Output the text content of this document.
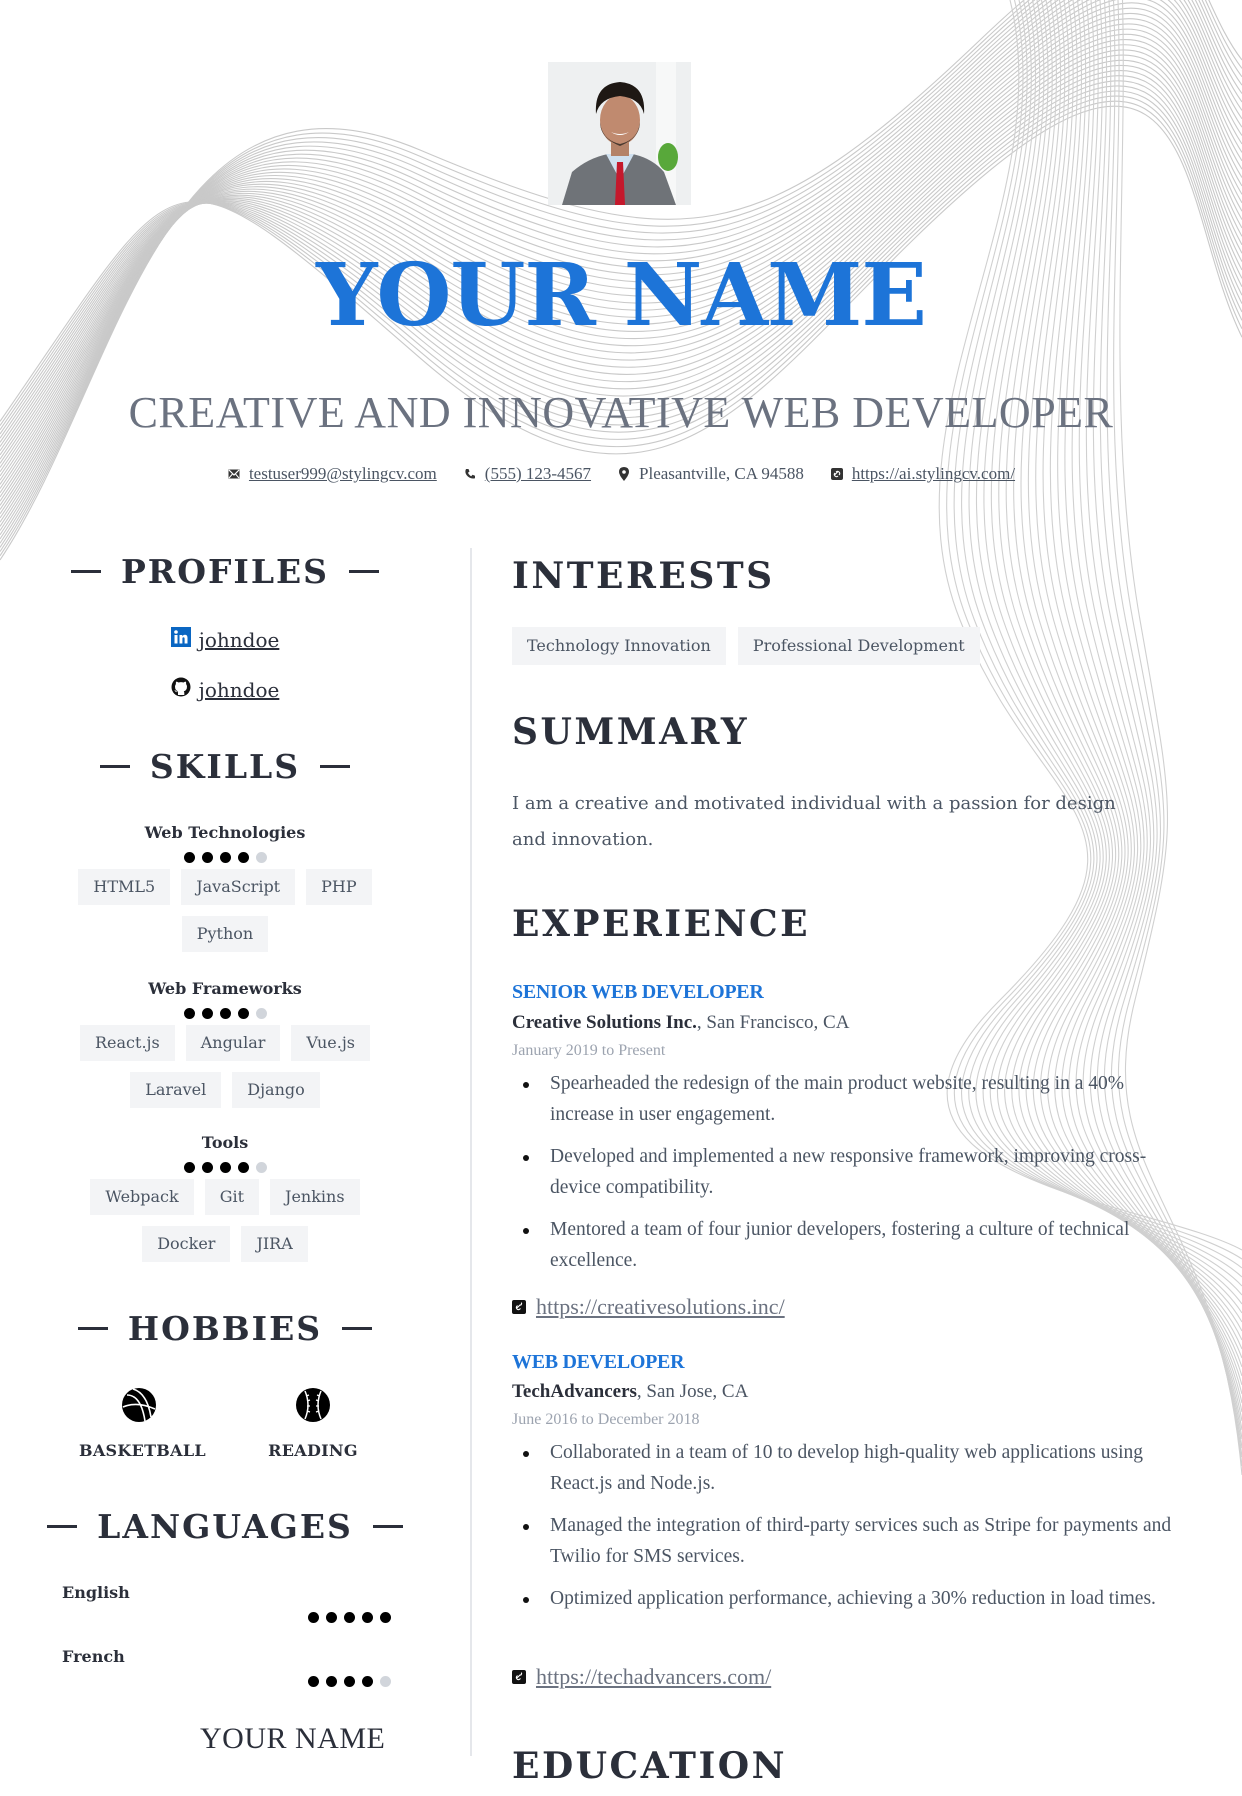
YOUR NAME
CREATIVE AND INNOVATIVE WEB DEVELOPER
testuser999@stylingcv.com	(555) 123-4567	Pleasantville, CA 94588	https://ai.stylingcv.com/
PROFILES
johndoe
johndoe
SKILLS
Web Technologies
HTML5	JavaScript	PHP
Python
Web Frameworks
React.js	Angular	Vue.js
Laravel	Django
Tools
Webpack	Git	Jenkins
Docker	JIRA
HOBBIES
BASKETBALL	READING
LANGUAGES
English
French
YOUR NAME
INTERESTS
Technology Innovation	Professional Development
SUMMARY
I am a creative and motivated individual with a passion for design and innovation.
EXPERIENCE
SENIOR WEB DEVELOPER
Creative Solutions Inc., San Francisco, CA
January 2019 to Present
Spearheaded the redesign of the main product website, resulting in a 40% increase in user engagement.
Developed and implemented a new responsive framework, improving cross-device compatibility.
Mentored a team of four junior developers, fostering a culture of technical excellence.
https://creativesolutions.inc/
WEB DEVELOPER
TechAdvancers, San Jose, CA
June 2016 to December 2018
Collaborated in a team of 10 to develop high-quality web applications using React.js and Node.js.
Managed the integration of third-party services such as Stripe for payments and Twilio for SMS services.
Optimized application performance, achieving a 30% reduction in load times.
https://techadvancers.com/
EDUCATION
